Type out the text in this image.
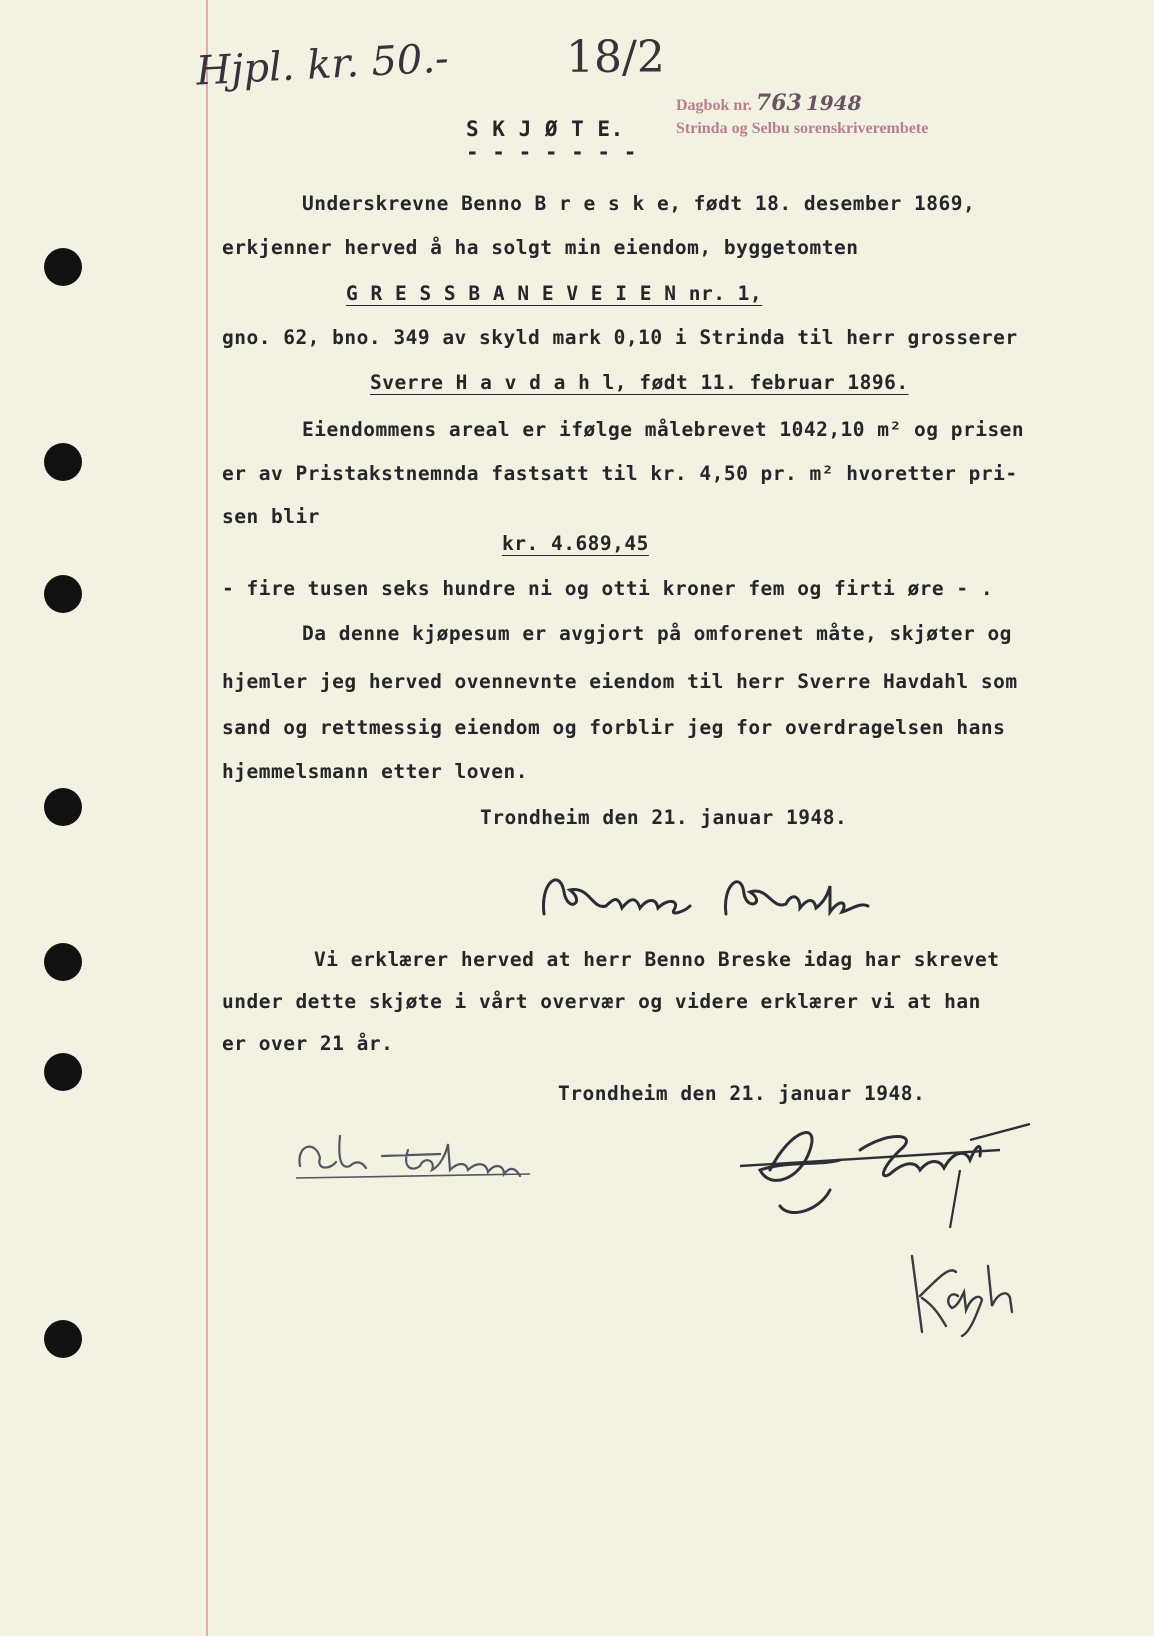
Hjpl. kr. 50.-	18/2
Dagbok nr. 763 1948
Strinda og Selbu sorenskriverembete
S K J Ø T E.
- - - - - - -
Underskrevne Benno B r e s k e, født 18. desember 1869,
erkjenner herved å ha solgt min eiendom, byggetomten
G R E S S B A N E V E I E N nr. 1,
gno. 62, bno. 349 av skyld mark 0,10 i Strinda til herr grosserer
Sverre H a v d a h l, født 11. februar 1896.
Eiendommens areal er ifølge målebrevet 1042,10 m² og prisen
er av Pristakstnemnda fastsatt til kr. 4,50 pr. m² hvoretter pri-
sen blir
kr. 4.689,45
- fire tusen seks hundre ni og otti kroner fem og firti øre - .
Da denne kjøpesum er avgjort på omforenet måte, skjøter og
hjemler jeg herved ovennevnte eiendom til herr Sverre Havdahl som
sand og rettmessig eiendom og forblir jeg for overdragelsen hans
hjemmelsmann etter loven.
Trondheim den 21. januar 1948.
Vi erklærer herved at herr Benno Breske idag har skrevet
under dette skjøte i vårt overvær og videre erklærer vi at han
er over 21 år.
Trondheim den 21. januar 1948.
